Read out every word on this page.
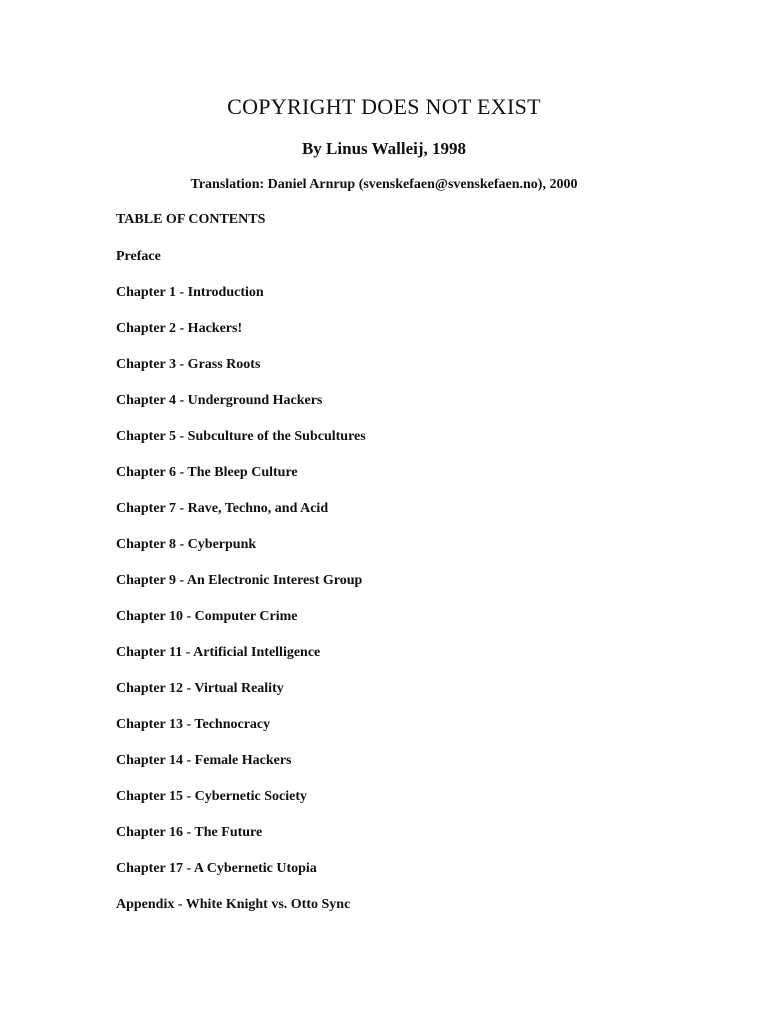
COPYRIGHT DOES NOT EXIST

By Linus Walleij, 1998

Translation: Daniel Arnrup (svenskefaen@svenskefaen.no), 2000

TABLE OF CONTENTS

Preface
Chapter 1 - Introduction
Chapter 2 - Hackers!
Chapter 3 - Grass Roots
Chapter 4 - Underground Hackers
Chapter 5 - Subculture of the Subcultures
Chapter 6 - The Bleep Culture
Chapter 7 - Rave, Techno, and Acid
Chapter 8 - Cyberpunk
Chapter 9 - An Electronic Interest Group
Chapter 10 - Computer Crime
Chapter 11 - Artificial Intelligence
Chapter 12 - Virtual Reality
Chapter 13 - Technocracy
Chapter 14 - Female Hackers
Chapter 15 - Cybernetic Society
Chapter 16 - The Future
Chapter 17 - A Cybernetic Utopia
Appendix - White Knight vs. Otto Sync
